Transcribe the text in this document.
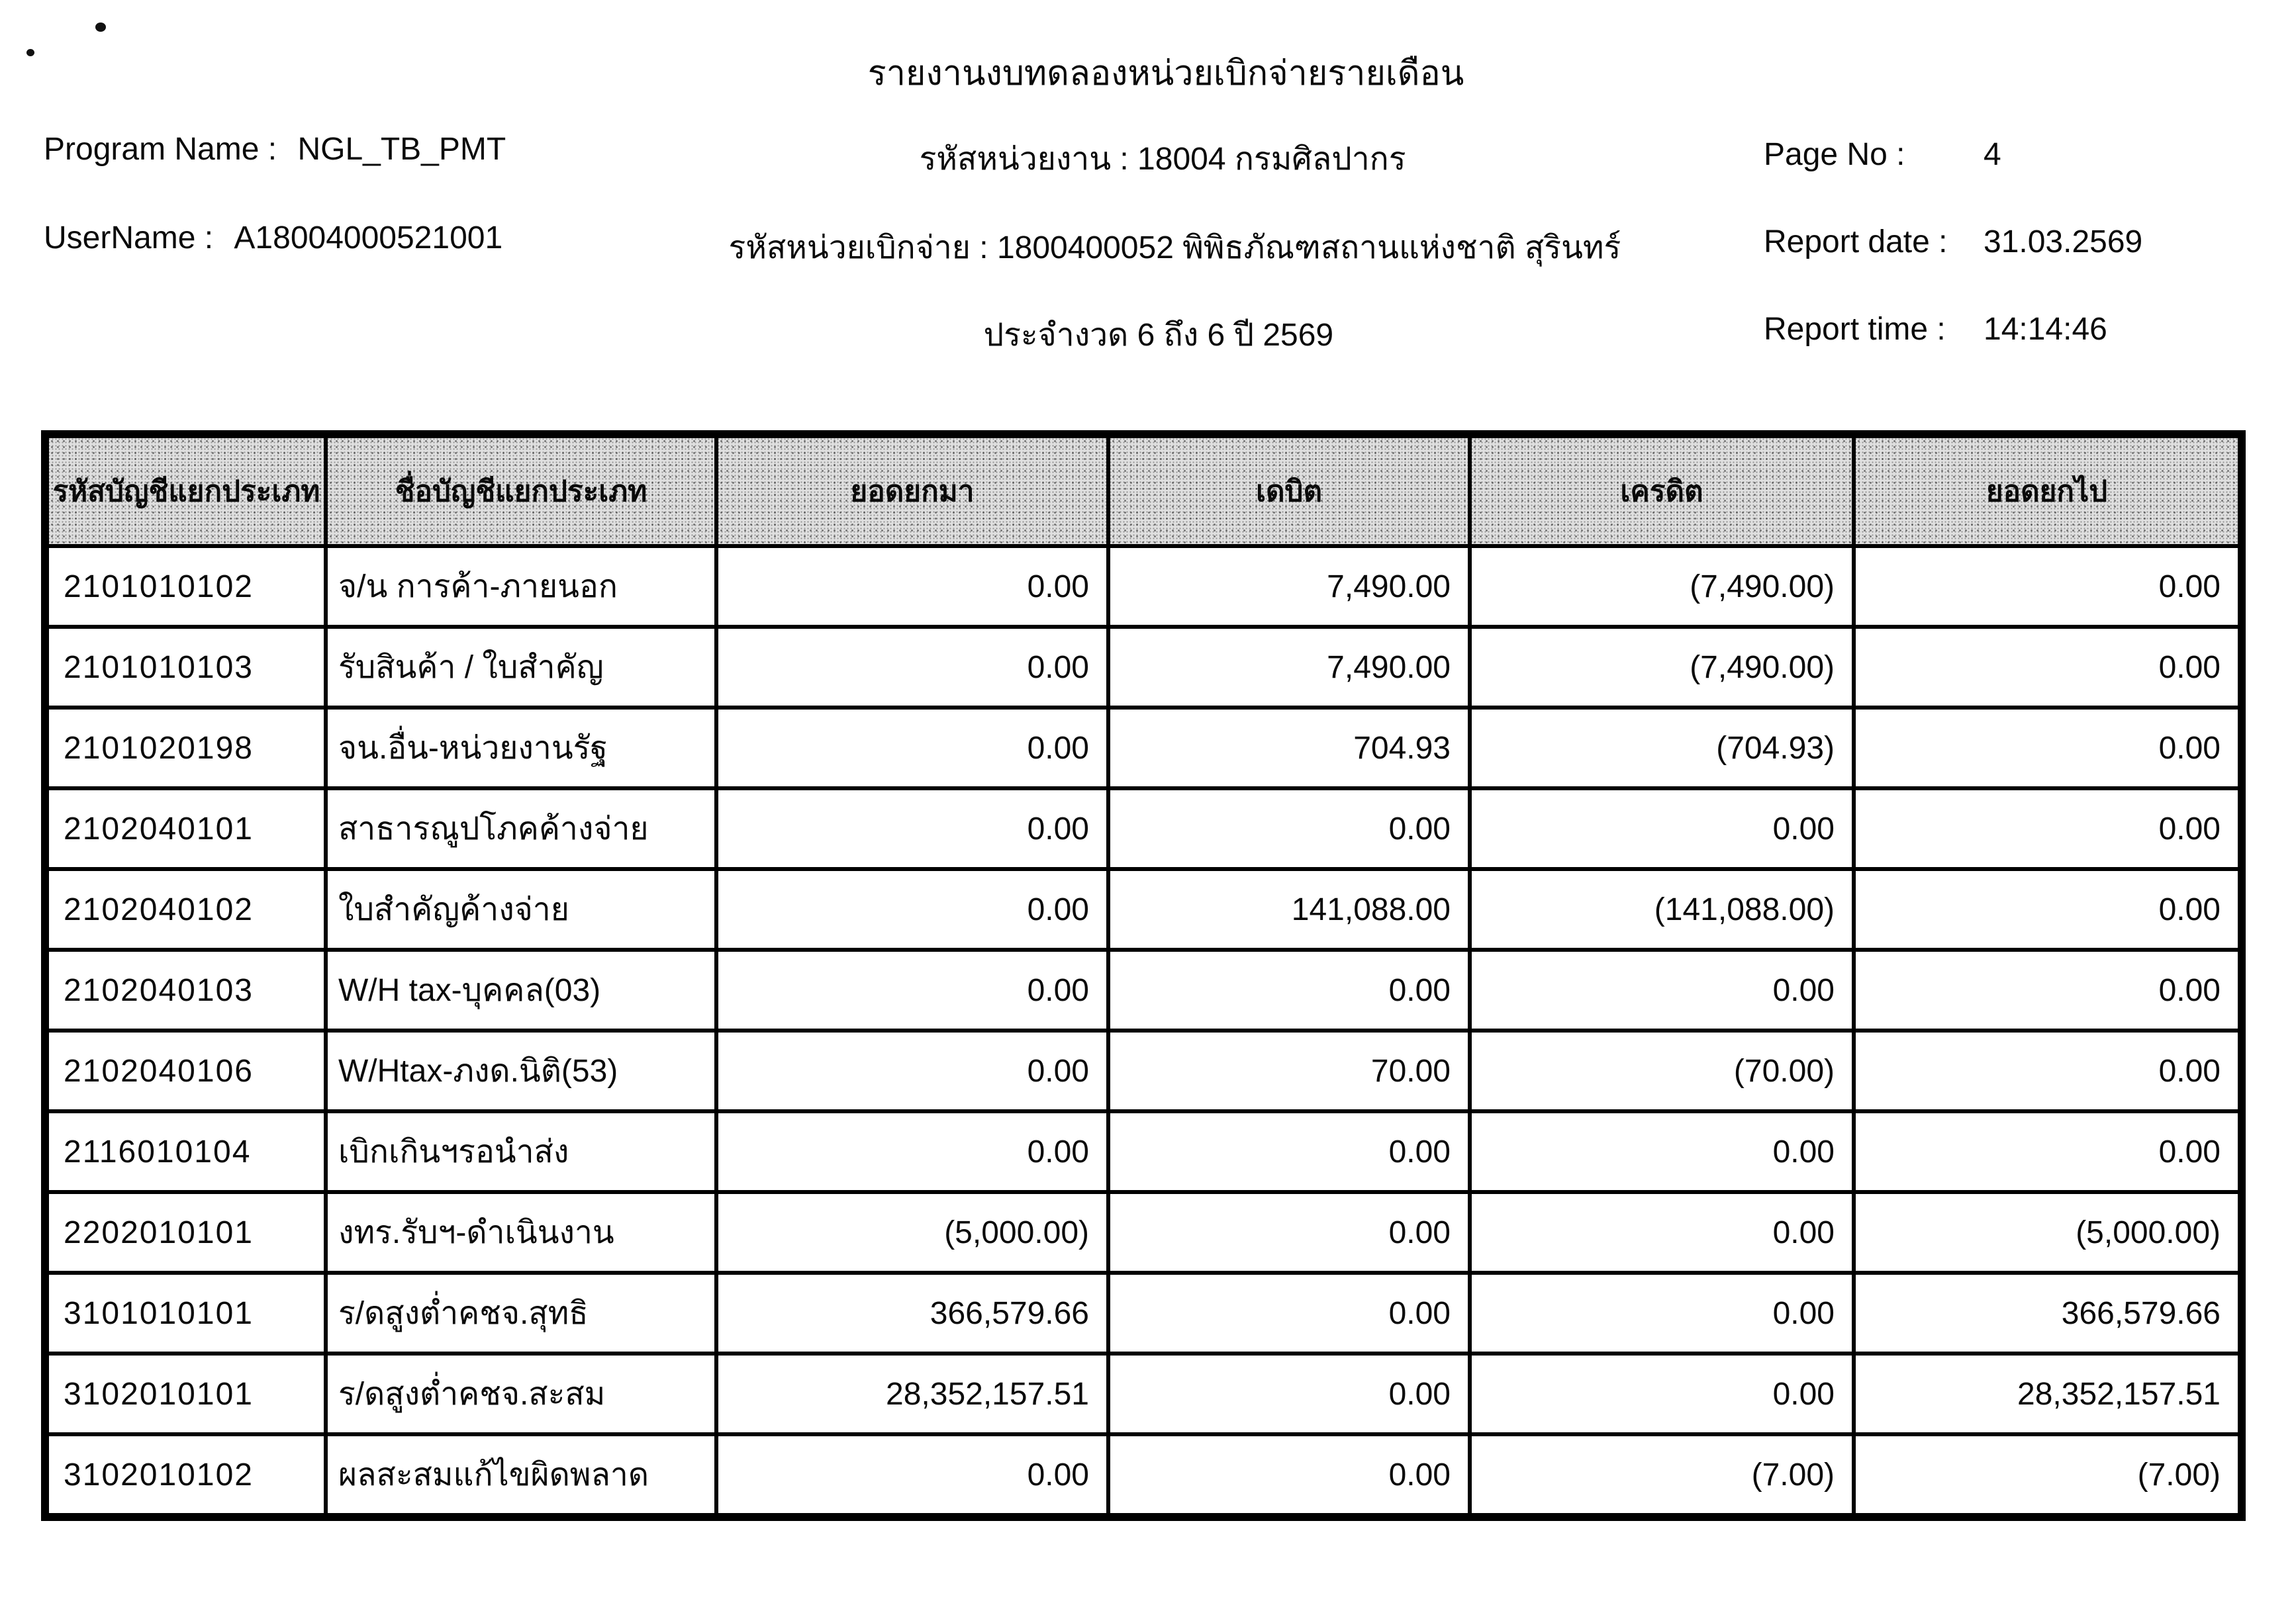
รายงานงบทดลองหน่วยเบิกจ่ายรายเดือน
Program Name : NGL_TB_PMT
UserName : A18004000521001
รหัสหน่วยงาน : 18004 กรมศิลปากร
รหัสหน่วยเบิกจ่าย : 1800400052 พิพิธภัณฑสถานแห่งชาติ สุรินทร์
ประจำงวด 6 ถึง 6 ปี 2569
Page No : 4
Report date : 31.03.2569
Report time : 14:14:46
รหัสบัญชีแยกประเภท	ชื่อบัญชีแยกประเภท	ยอดยกมา	เดบิต	เครดิต	ยอดยกไป
2101010102	จ/น การค้า-ภายนอก	0.00	7,490.00	(7,490.00)	0.00
2101010103	รับสินค้า / ใบสำคัญ	0.00	7,490.00	(7,490.00)	0.00
2101020198	จน.อื่น-หน่วยงานรัฐ	0.00	704.93	(704.93)	0.00
2102040101	สาธารณูปโภคค้างจ่าย	0.00	0.00	0.00	0.00
2102040102	ใบสำคัญค้างจ่าย	0.00	141,088.00	(141,088.00)	0.00
2102040103	W/H tax-บุคคล(03)	0.00	0.00	0.00	0.00
2102040106	W/Htax-ภงด.นิติ(53)	0.00	70.00	(70.00)	0.00
2116010104	เบิกเกินฯรอนำส่ง	0.00	0.00	0.00	0.00
2202010101	งทร.รับฯ-ดำเนินงาน	(5,000.00)	0.00	0.00	(5,000.00)
3101010101	ร/ดสูงต่ำคชจ.สุทธิ	366,579.66	0.00	0.00	366,579.66
3102010101	ร/ดสูงต่ำคชจ.สะสม	28,352,157.51	0.00	0.00	28,352,157.51
3102010102	ผลสะสมแก้ไขผิดพลาด	0.00	0.00	(7.00)	(7.00)
